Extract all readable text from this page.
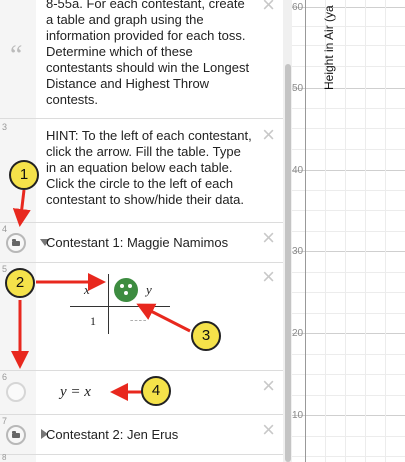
“
8-55a. For each contestant, create
a table and graph using the
information provided for each toss.
Determine which of these
contestants should win the Longest
Distance and Highest Throw
contests.
×
3
HINT: To the left of each contestant,
click the arrow. Fill the table. Type
in an equation below each table.
Click the circle to the left of each
contestant to show/hide their data.
×
4
Contestant 1: Maggie Namimos ×
5
x	y
1	----
×
6
y = x	×
7
Contestant 2: Jen Erus	×
8
60
50
40
30
20
10
Height in Air (ya
1
2
3
4
